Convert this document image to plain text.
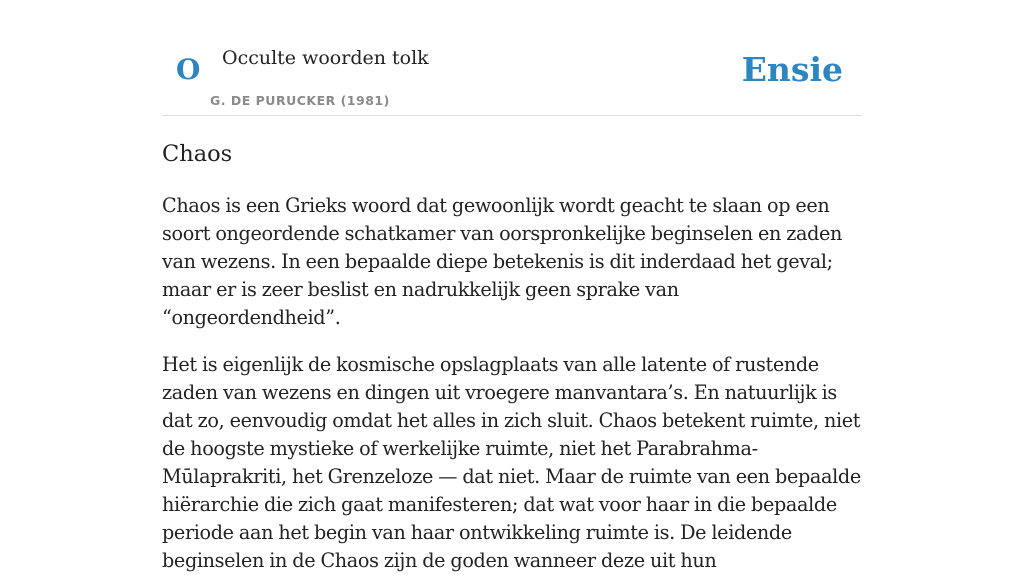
O Occulte woorden tolk
G. DE PURUCKER (1981)
Ensie
Chaos

Chaos is een Grieks woord dat gewoonlijk wordt geacht te slaan op een soort ongeordende schatkamer van oorspronkelijke beginselen en zaden van wezens. In een bepaalde diepe betekenis is dit inderdaad het geval; maar er is zeer beslist en nadrukkelijk geen sprake van “ongeordendheid”.

Het is eigenlijk de kosmische opslagplaats van alle latente of rustende zaden van wezens en dingen uit vroegere manvantara’s. En natuurlijk is dat zo, eenvoudig omdat het alles in zich sluit. Chaos betekent ruimte, niet de hoogste mystieke of werkelijke ruimte, niet het Parabrahma-Mūlaprakriti, het Grenzeloze — dat niet. Maar de ruimte van een bepaalde hiërarchie die zich gaat manifesteren; dat wat voor haar in die bepaalde periode aan het begin van haar ontwikkeling ruimte is. De leidende beginselen in de Chaos zijn de goden wanneer deze uit hun
